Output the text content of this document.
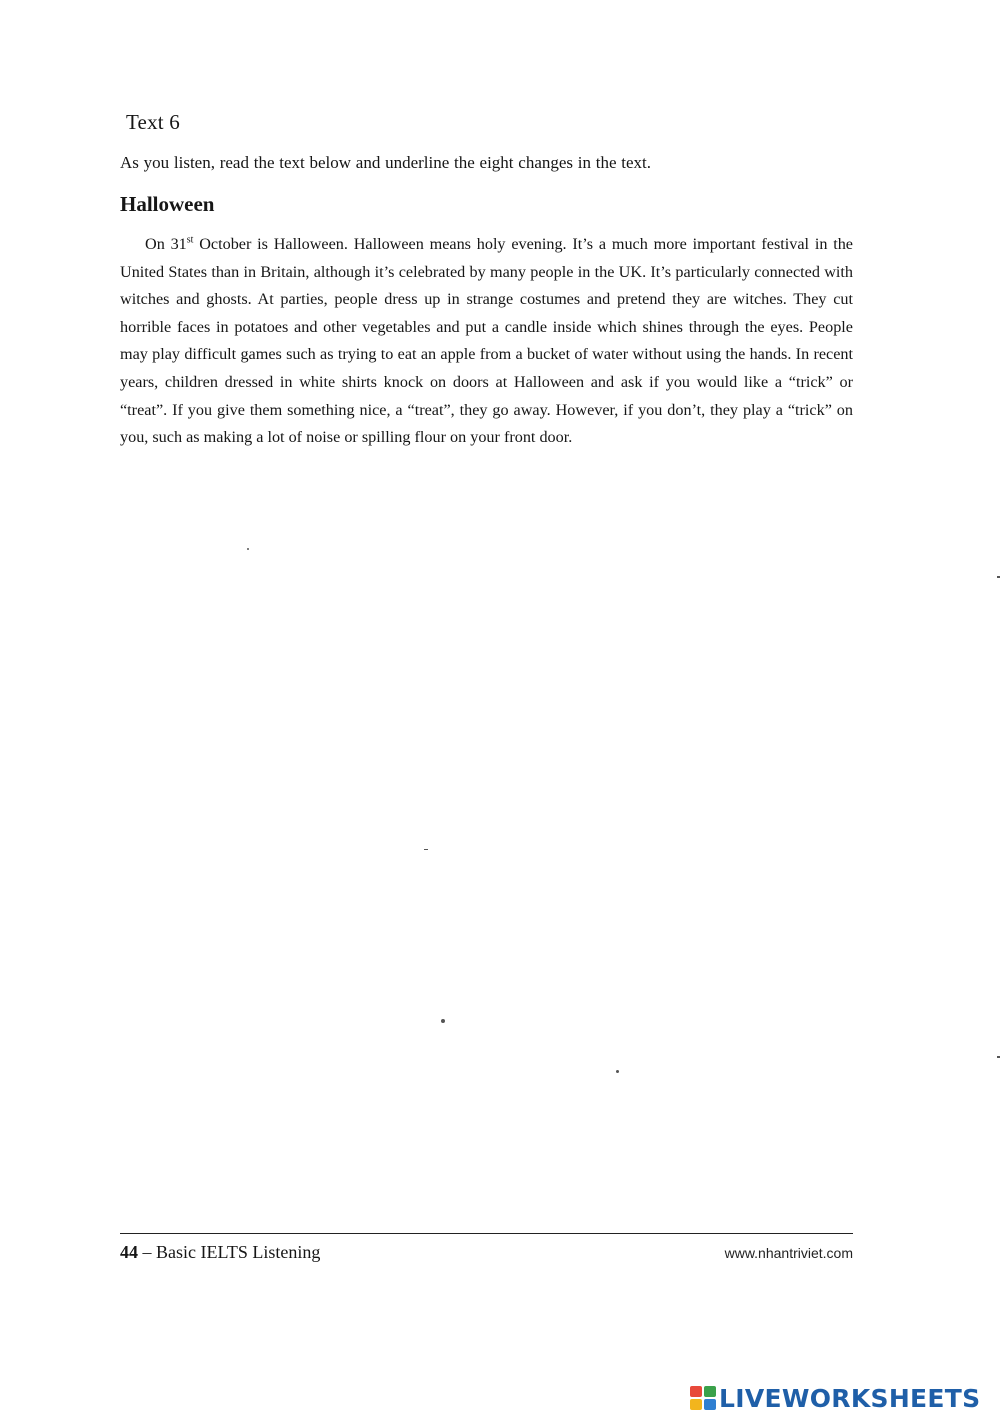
Text 6
As you listen, read the text below and underline the eight changes in the text.
Halloween

On 31st October is Halloween. Halloween means holy evening. It’s a much more important festival in the United States than in Britain, although it’s celebrated by many people in the UK. It’s particularly connected with witches and ghosts. At parties, people dress up in strange costumes and pretend they are witches. They cut horrible faces in potatoes and other vegetables and put a candle inside which shines through the eyes. People may play difficult games such as trying to eat an apple from a bucket of water without using the hands. In recent years, children dressed in white shirts knock on doors at Halloween and ask if you would like a “trick” or “treat”. If you give them something nice, a “treat”, they go away. However, if you don’t, they play a “trick” on you, such as making a lot of noise or spilling flour on your front door.

44 – Basic IELTS Listening	www.nhantriviet.com
LIVEWORKSHEETS
